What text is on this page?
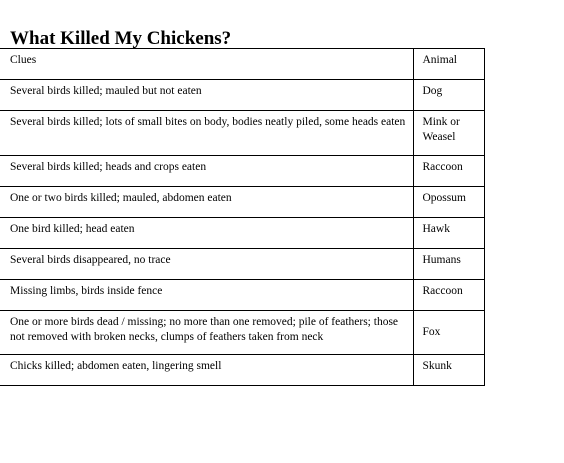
What Killed My Chickens?
Clues	Animal
Several birds killed; mauled but not eaten	Dog
Several birds killed; lots of small bites on body, bodies neatly piled, some heads eaten	Mink or Weasel
Several birds killed; heads and crops eaten	Raccoon
One or two birds killed; mauled, abdomen eaten	Opossum
One bird killed; head eaten	Hawk
Several birds disappeared, no trace	Humans
Missing limbs, birds inside fence	Raccoon
One or more birds dead / missing; no more than one removed; pile of feathers; those not removed with broken necks, clumps of feathers taken from neck	Fox
Chicks killed; abdomen eaten, lingering smell	Skunk
